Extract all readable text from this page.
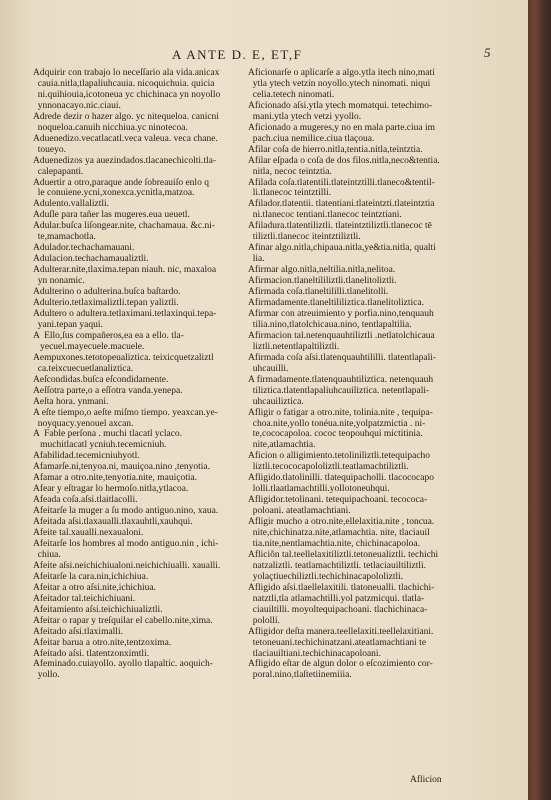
A ANTE D. E, ET,F	5

Adquirir con trabajo lo neceſſario ala vida.anicax

cauia.nitla,tlapaliuhcauia. nicoquichuia. quicia

ni.quihiouia,icotoneua yc chichinaca yn noyollo

ynnonacayo.nic.ciaui.

Adrede dezir o hazer algo. yc nitequeloa. canicni

noqueloa.canuih nicchiua.yc ninotecoa.

Aduenedizo.vecatlacatl.veca valeua. veca chane.

toueyo.

Aduenedizos ya auezindados.tlacanechicolti.tla-

calepapanti.

Aduertir a otro,paraque ande ſobreauiſo enlo q

le conuiene.ycni,xonexca.ycnitla,matzoa.

Adulento.vallaliztli.

Aduſle para tañer las mugeres.eua ueuetl.

Adular.buſca liſongear.nite, chachamaua. &c.ni-

te,mamachotla.

Adulador.techachamauani.

Adulacion.techachamaualiztli.

Adulterar.nite,tlaxima.tepan niauh. nic, maxaloa

yn nonamic.

Adulterino o adulterina.buſca baſtardo.

Adulterio.tetlaximaliztli.tepan yaliztli.

Adultero o adultera.tetlaximani.tetlaxinqui.tepa-

yani.tepan yaqui.

A  Ello,ſus compañeros,ea ea a ello. tla-

yecuel.mayecuele.macuele.

Aempuxones.tetotopeualiztica. teixicquetzaliztl

ca.teixcuecuetlanaliztica.

Aeſcondidas.buſca eſcondidamente.

Aeſſotra parte,o a eſſotra vanda.yenepa.

Aeſta hora. ynmani.

A eſte tiempo,o aeſte miſmo tiempo. yeaxcan.ye-

noyquacy.yenouel axcan.

A  Fable perſona . muchi tlacatl yclaco.

muchitlacatl ycniuh.tecemicniuh.

Afabilidad.tecemicniuhyotl.

Afamarſe.ni,tenyoa.ni, mauiçoa.nino ,tenyotia.

Afamar a otro.nite,tenyotia.nite, mauiçotia.

Afear y eſtragar lo hermoſo.nitla,ytlacoa.

Afeada coſa.aſsi.tlaitlacolli.

Afeitarſe la muger a ſu modo antiguo.nino, xaua.

Afeitada aſsi.tlaxaualli.tlaxauhtli,xauhqui.

Afeite tal.xaualli.nexaualoni.

Afeitarſe los hombres al modo antiguo.nin , ichi-

chiua.

Afeite aſsi.neichichiualoni.neichichiualli. xaualli.

Afeitarſe la cara.nin,ichichiua.

Afeitar a otro aſsi.nite,ichichiua.

Afeitador tal.teichichiuani.

Afeitamiento aſsi.teichichiualiztli.

Afeitar o rapar y treſquilar el cabello.nite,xima.

Afeitado aſsi.tlaximalli.

Afeitar barua a otro.nite,tentzoxima.

Afeitado aſsi. tlatentzonximtli.

Afeminado.cuiayollo. ayollo tlapaltic. aoquich-

yollo.

Aficionarſe o aplicarſe a algo.ytla itech nino,matí

ytla ytech vetzin noyollo.ytech ninomati. niqui

celia.tetech ninomati.

Aficionado aſsi.ytla ytech momatqui. tetechimo-

mani.ytla ytech vetzi yyollo.

Aficionado a mugeres,y no en mala parte.ciua im

pach.ciua nemilice.ciua tlaçoua.

Afilar coſa de hierro.nitla,tentia.nitla,teintztia.

Afilar eſpada o coſa de dos filos.nitla,neco&tentia.

nitla, necoc teintztia.

Afilada coſa.tlatentili.tlateintztilli.tlaneco&tentil-

li.tlanecoc teintztilli.

Afilador.tlatentii. tlatentiani.tlateintzti.tlateintztia

ni.tlanecoc tentiani.tlanecoc teintztiani.

Afiladura.tlatentiliztli. tlateintztiliztli.tlanecoc tē

tiliztli.tlanecoc iteintztiliztli.

Afinar algo.nitla,chipaua.nitla,ye&tia.nitla, qualti

lia.

Afirmar algo.nitla,neltilia.nitla,nelitoa.

Afirmacion.tlaneltililiztli.tlanelitoliztli.

Afirmada coſa.tlaneltililli.tlanelitolli.

Afirmadamente.tlaneltililiztica.tlanelitoliztica.

Afirmar con atreuimiento y porfia.nino,tenquauh

tilia.nino,tlatolchicaua.nino, tentlapaltilia.

Afirmacion tal.netenquauhtiliztli .netlatolchicaua

liztli.netentlapaltiliztli.

Afirmada coſa aſsi.tlatenquauhtililli. tlatentlapali-

uhcauilli.

A firmadamente.tlatenquauhtiliztica. netenquauh

tiliztica.tlatentlapaliuhcauiliztica. netentlapali-

uhcauiliztica.

Afligir o fatigar a otro.nite, tolinia.nite , tequipa-

choa.nite,yollo tonéua.nite,yolpatzmictia . ni-

te,cococapoloa. cococ teopouhqui mictitinia.

nite,atlamachtia.

Aficion o alligimiento.tetoliniliztli.tetequipacho

liztli.tecococapololiztli.teatlamachtiliztli.

Afligido.tlatolinilli. tlatequipacholli. tlacococapo

lolli.tlaatlamachtilli.yollotoneuhqui.

Afligidor.tetolinani. tetequipachoani. tecococa-

poloani. ateatlamachtiani.

Afligir mucho a otro.nite,ellelaxitia.nite , toncua.

nite,chichinatza.nite,atlamachtia. nite, tlaciauil

tia.nite,nentlamachtia.nite, chichinacapoloa.

Afliciõn tal.teellelaxitiliztli.tetoneualiztli. techichi

natzaliztli. teatlamachtiliztli. tetlaciauiltiliztli.

yolaçtiuechiliztli.techichinacapololiztli.

Afligido aſsi.tlaellelaxitili. tlatoneualli. tlachichi-

natztli,tla atlamachtilli.yol patzmicqui. tlatla-

ciauiltilli. moyoltequipachoani. tlachichinaca-

polollí.

Afligidor deſta manera.teellelaxiti.teellelaxitiani.

tetoneuani.techichinatzani.ateatlamachtiani te

tlaciauiltiani.techichinacapoloani.

Afligido eſtar de algun dolor o eſcozimiento cor-

poral.nino,tlaſtetiinemiiia.

Aflicion
